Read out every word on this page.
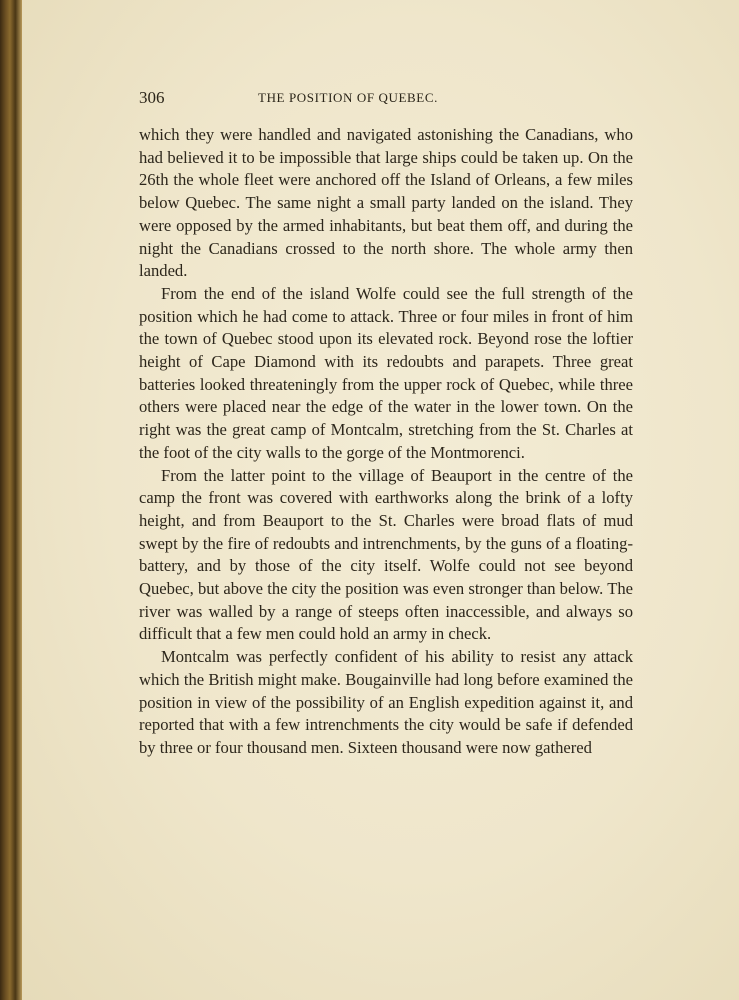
306	THE POSITION OF QUEBEC.

which they were handled and navigated astonishing the Canadians, who had believed it to be impossible that large ships could be taken up. On the 26th the whole fleet were anchored off the Island of Orleans, a few miles below Quebec. The same night a small party landed on the island. They were opposed by the armed inhabitants, but beat them off, and during the night the Canadians crossed to the north shore. The whole army then landed.

From the end of the island Wolfe could see the full strength of the position which he had come to attack. Three or four miles in front of him the town of Quebec stood upon its elevated rock. Beyond rose the loftier height of Cape Diamond with its redoubts and parapets. Three great batteries looked threateningly from the upper rock of Quebec, while three others were placed near the edge of the water in the lower town. On the right was the great camp of Montcalm, stretching from the St. Charles at the foot of the city walls to the gorge of the Montmorenci.

From the latter point to the village of Beauport in the centre of the camp the front was covered with earthworks along the brink of a lofty height, and from Beauport to the St. Charles were broad flats of mud swept by the fire of redoubts and intrenchments, by the guns of a floating-battery, and by those of the city itself. Wolfe could not see beyond Quebec, but above the city the position was even stronger than below. The river was walled by a range of steeps often inaccessible, and always so difficult that a few men could hold an army in check.

Montcalm was perfectly confident of his ability to resist any attack which the British might make. Bougainville had long before examined the position in view of the possibility of an English expedition against it, and reported that with a few intrenchments the city would be safe if defended by three or four thousand men. Sixteen thousand were now gathered
